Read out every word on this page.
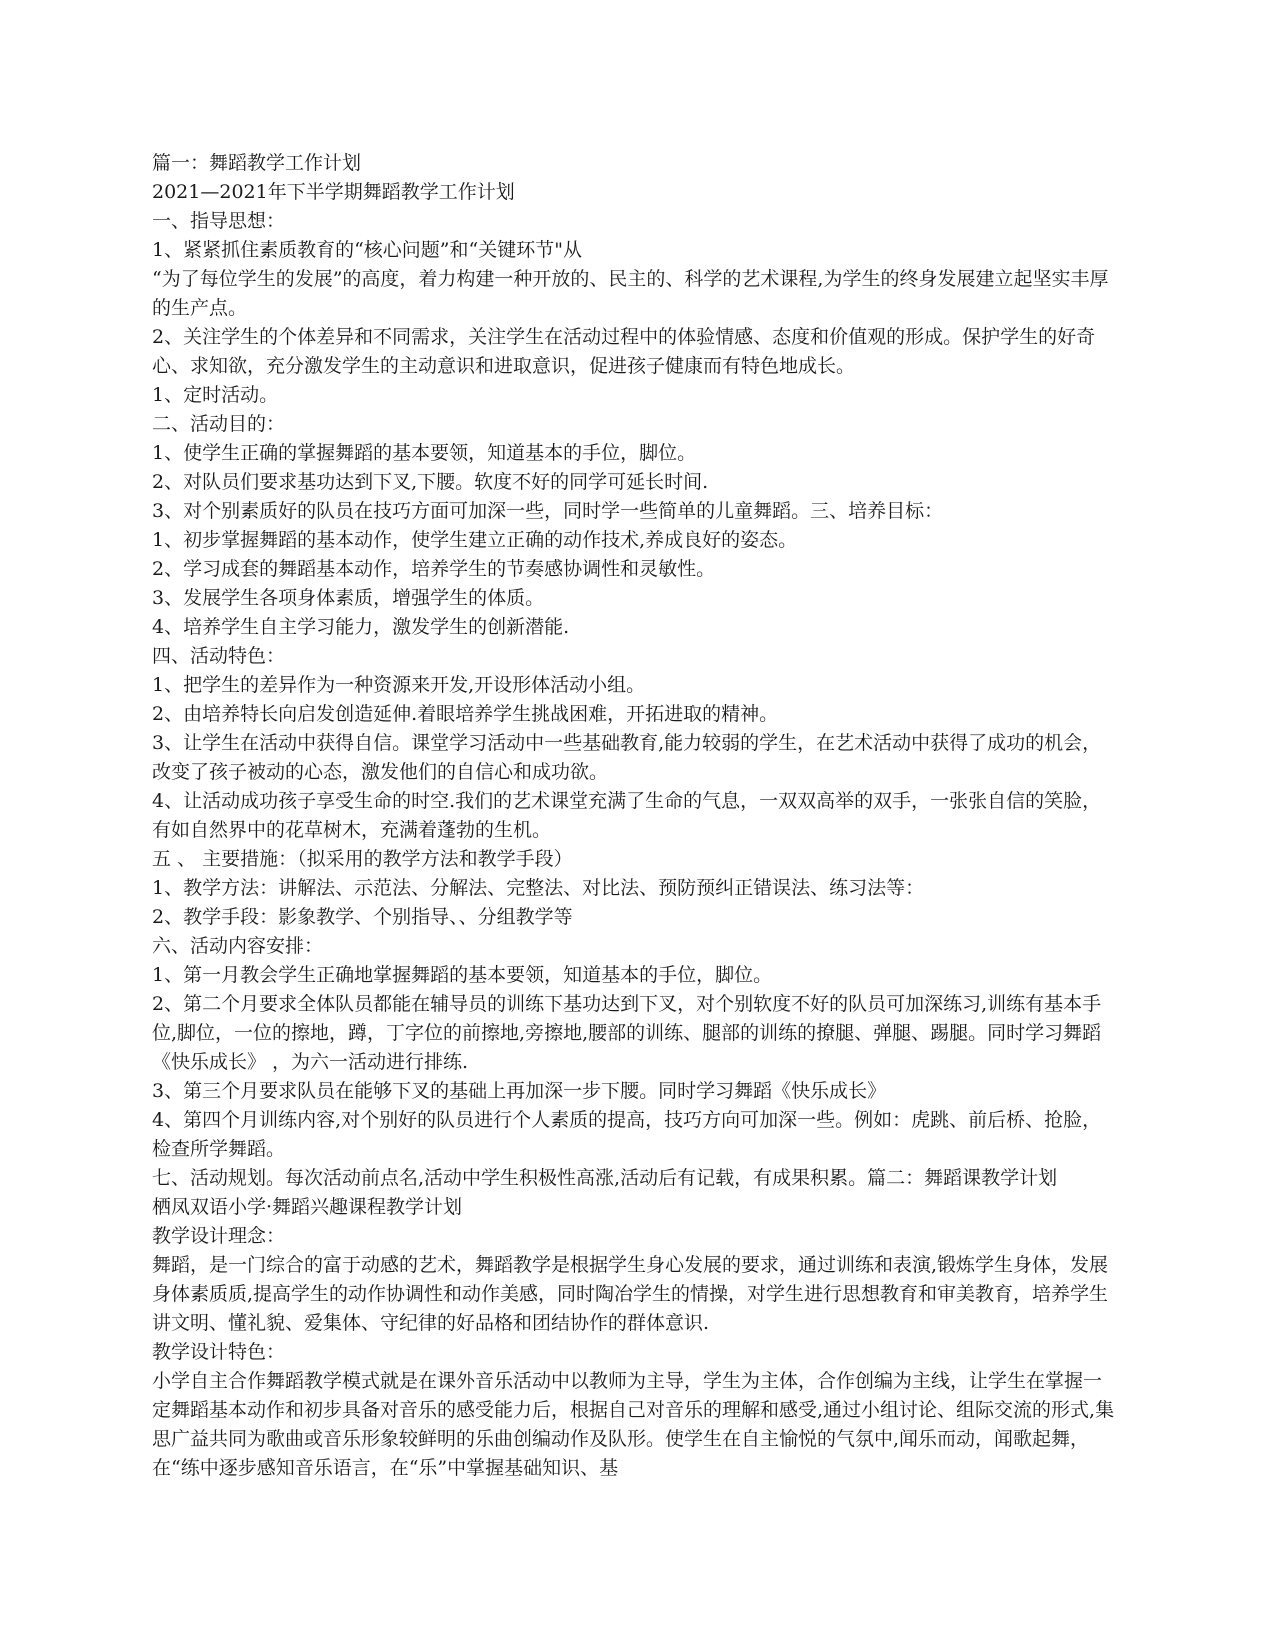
篇一：舞蹈教学工作计划

2021—2021年下半学期舞蹈教学工作计划

一、指导思想：

1、紧紧抓住素质教育的“核心问题”和“关键环节"从

“为了每位学生的发展”的高度，着力构建一种开放的、民主的、科学的艺术课程,为学生的终身发展建立起坚实丰厚的生产点。

2、关注学生的个体差异和不同需求，关注学生在活动过程中的体验情感、态度和价值观的形成。保护学生的好奇心、求知欲，充分激发学生的主动意识和进取意识，促进孩子健康而有特色地成长。

1、定时活动。

二、活动目的：

1、使学生正确的掌握舞蹈的基本要领，知道基本的手位，脚位。

2、对队员们要求基功达到下叉,下腰。软度不好的同学可延长时间.

3、对个别素质好的队员在技巧方面可加深一些，同时学一些简单的儿童舞蹈。三、培养目标：

1、初步掌握舞蹈的基本动作，使学生建立正确的动作技术,养成良好的姿态。

2、学习成套的舞蹈基本动作，培养学生的节奏感协调性和灵敏性。

3、发展学生各项身体素质，增强学生的体质。

4、培养学生自主学习能力，激发学生的创新潜能.

四、活动特色：

1、把学生的差异作为一种资源来开发,开设形体活动小组。

2、由培养特长向启发创造延伸.着眼培养学生挑战困难，开拓进取的精神。

3、让学生在活动中获得自信。课堂学习活动中一些基础教育,能力较弱的学生，在艺术活动中获得了成功的机会，改变了孩子被动的心态，激发他们的自信心和成功欲。

4、让活动成功孩子享受生命的时空.我们的艺术课堂充满了生命的气息，一双双高举的双手，一张张自信的笑脸，有如自然界中的花草树木，充满着蓬勃的生机。

五 、 主要措施：（拟采用的教学方法和教学手段）

1、教学方法：讲解法、示范法、分解法、完整法、对比法、预防预纠正错误法、练习法等：

2、教学手段：影象教学、个别指导、、分组教学等

六、活动内容安排：

1、第一月教会学生正确地掌握舞蹈的基本要领，知道基本的手位，脚位。

2、第二个月要求全体队员都能在辅导员的训练下基功达到下叉，对个别软度不好的队员可加深练习,训练有基本手位,脚位，一位的擦地，蹲，丁字位的前擦地,旁擦地,腰部的训练、腿部的训练的撩腿、弹腿、踢腿。同时学习舞蹈《快乐成长》 ，为六一活动进行排练.

3、第三个月要求队员在能够下叉的基础上再加深一步下腰。同时学习舞蹈《快乐成长》

4、第四个月训练内容,对个别好的队员进行个人素质的提高，技巧方向可加深一些。例如：虎跳、前后桥、抢脸，检查所学舞蹈。

七、活动规划。每次活动前点名,活动中学生积极性高涨,活动后有记载，有成果积累。篇二：舞蹈课教学计划

栖凤双语小学·舞蹈兴趣课程教学计划

教学设计理念：

舞蹈，是一门综合的富于动感的艺术，舞蹈教学是根据学生身心发展的要求，通过训练和表演,锻炼学生身体，发展身体素质质,提高学生的动作协调性和动作美感，同时陶冶学生的情操，对学生进行思想教育和审美教育，培养学生讲文明、懂礼貌、爱集体、守纪律的好品格和团结协作的群体意识.

教学设计特色：

小学自主合作舞蹈教学模式就是在课外音乐活动中以教师为主导，学生为主体，合作创编为主线，让学生在掌握一定舞蹈基本动作和初步具备对音乐的感受能力后，根据自己对音乐的理解和感受,通过小组讨论、组际交流的形式,集思广益共同为歌曲或音乐形象较鲜明的乐曲创编动作及队形。使学生在自主愉悦的气氛中,闻乐而动，闻歌起舞，在“练中逐步感知音乐语言，在“乐”中掌握基础知识、基
